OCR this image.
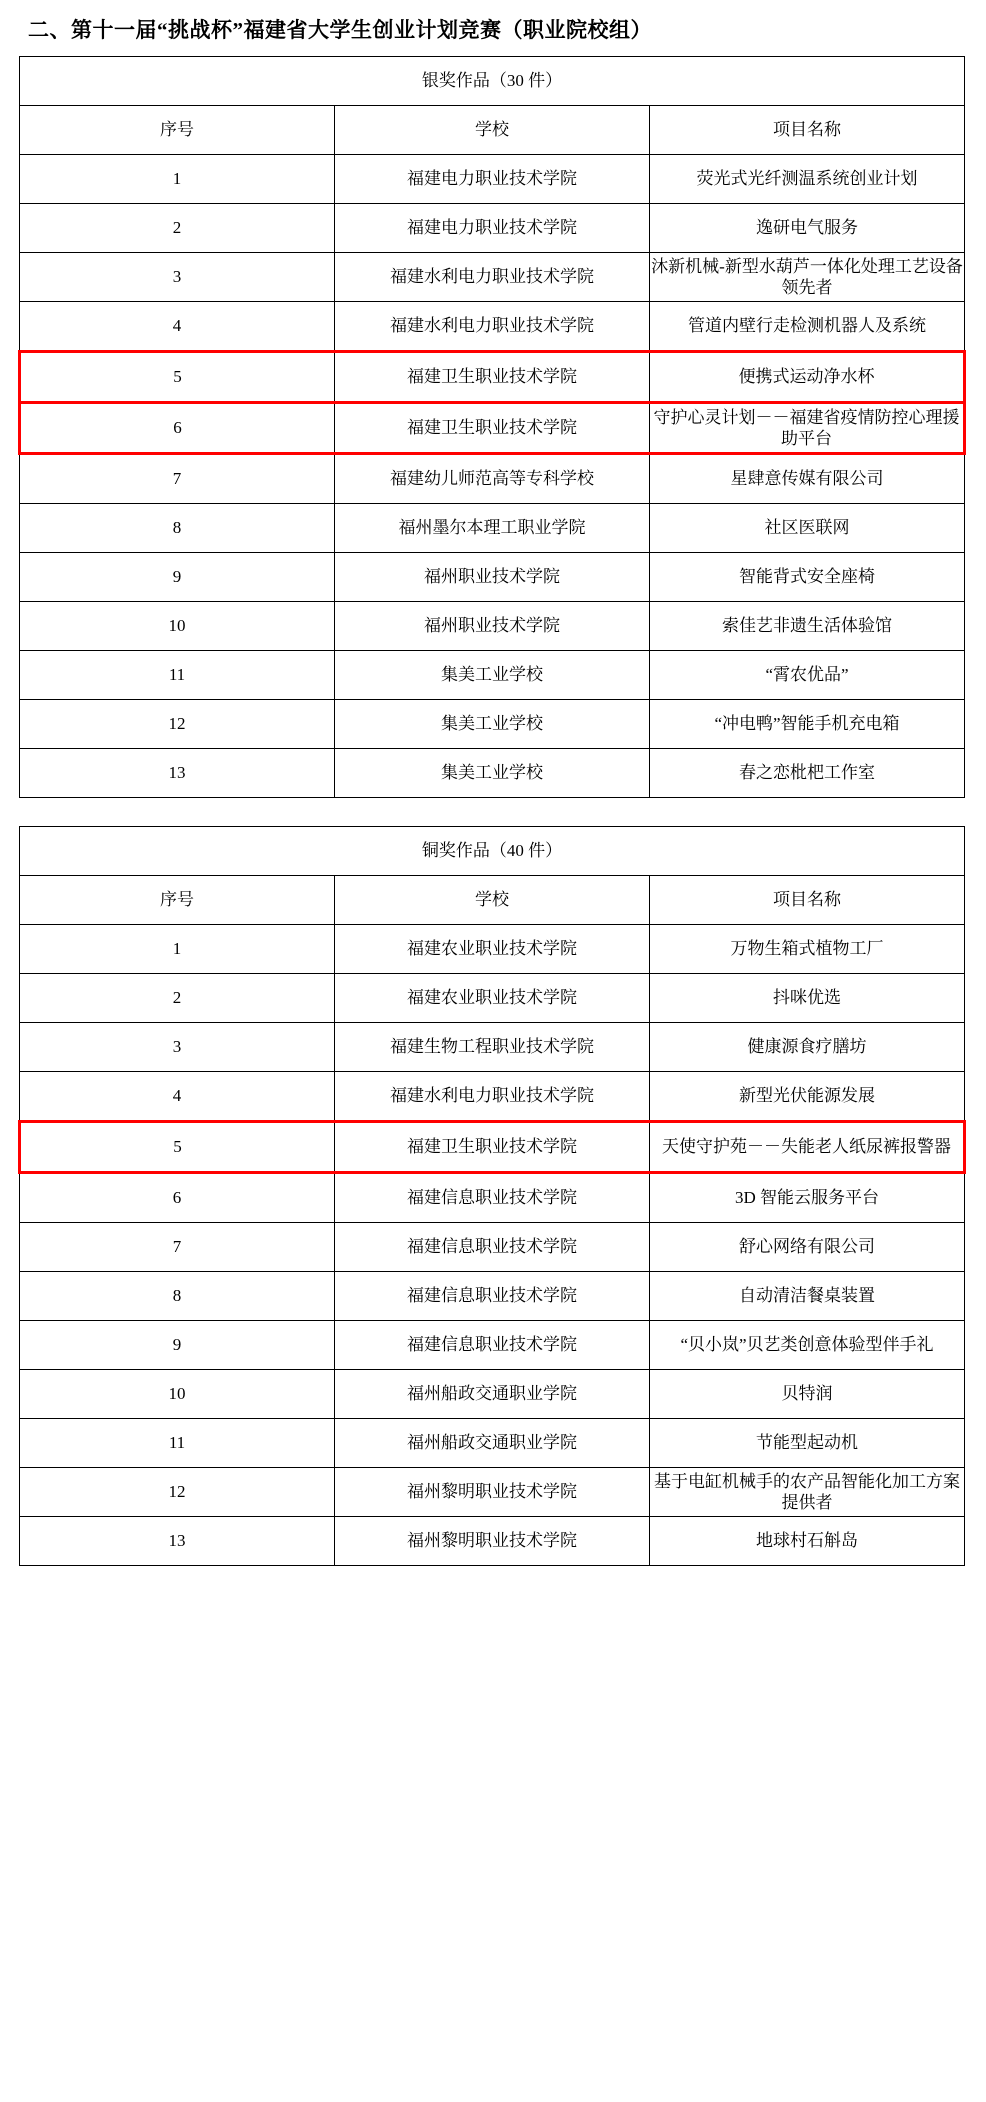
二、第十一届“挑战杯”福建省大学生创业计划竞赛（职业院校组）
银奖作品（30 件）		
序号	学校	项目名称
1	福建电力职业技术学院	荧光式光纤测温系统创业计划
2	福建电力职业技术学院	逸研电气服务
3	福建水利电力职业技术学院	沐新机械-新型水葫芦一体化处理工艺设备领先者
4	福建水利电力职业技术学院	管道内壁行走检测机器人及系统
5	福建卫生职业技术学院	便携式运动净水杯
6	福建卫生职业技术学院	守护心灵计划－－福建省疫情防控心理援助平台
7	福建幼儿师范高等专科学校	星肆意传媒有限公司
8	福州墨尔本理工职业学院	社区医联网
9	福州职业技术学院	智能背式安全座椅
10	福州职业技术学院	索佳艺非遗生活体验馆
11	集美工业学校	“霄农优品”
12	集美工业学校	“冲电鸭”智能手机充电箱
13	集美工业学校	春之恋枇杷工作室
铜奖作品（40 件）		
序号	学校	项目名称
1	福建农业职业技术学院	万物生箱式植物工厂
2	福建农业职业技术学院	抖咪优选
3	福建生物工程职业技术学院	健康源食疗膳坊
4	福建水利电力职业技术学院	新型光伏能源发展
5	福建卫生职业技术学院	天使守护苑－－失能老人纸尿裤报警器
6	福建信息职业技术学院	3D 智能云服务平台
7	福建信息职业技术学院	舒心网络有限公司
8	福建信息职业技术学院	自动清洁餐桌装置
9	福建信息职业技术学院	“贝小岚”贝艺类创意体验型伴手礼
10	福州船政交通职业学院	贝特润
11	福州船政交通职业学院	节能型起动机
12	福州黎明职业技术学院	基于电缸机械手的农产品智能化加工方案提供者
13	福州黎明职业技术学院	地球村石斛岛
